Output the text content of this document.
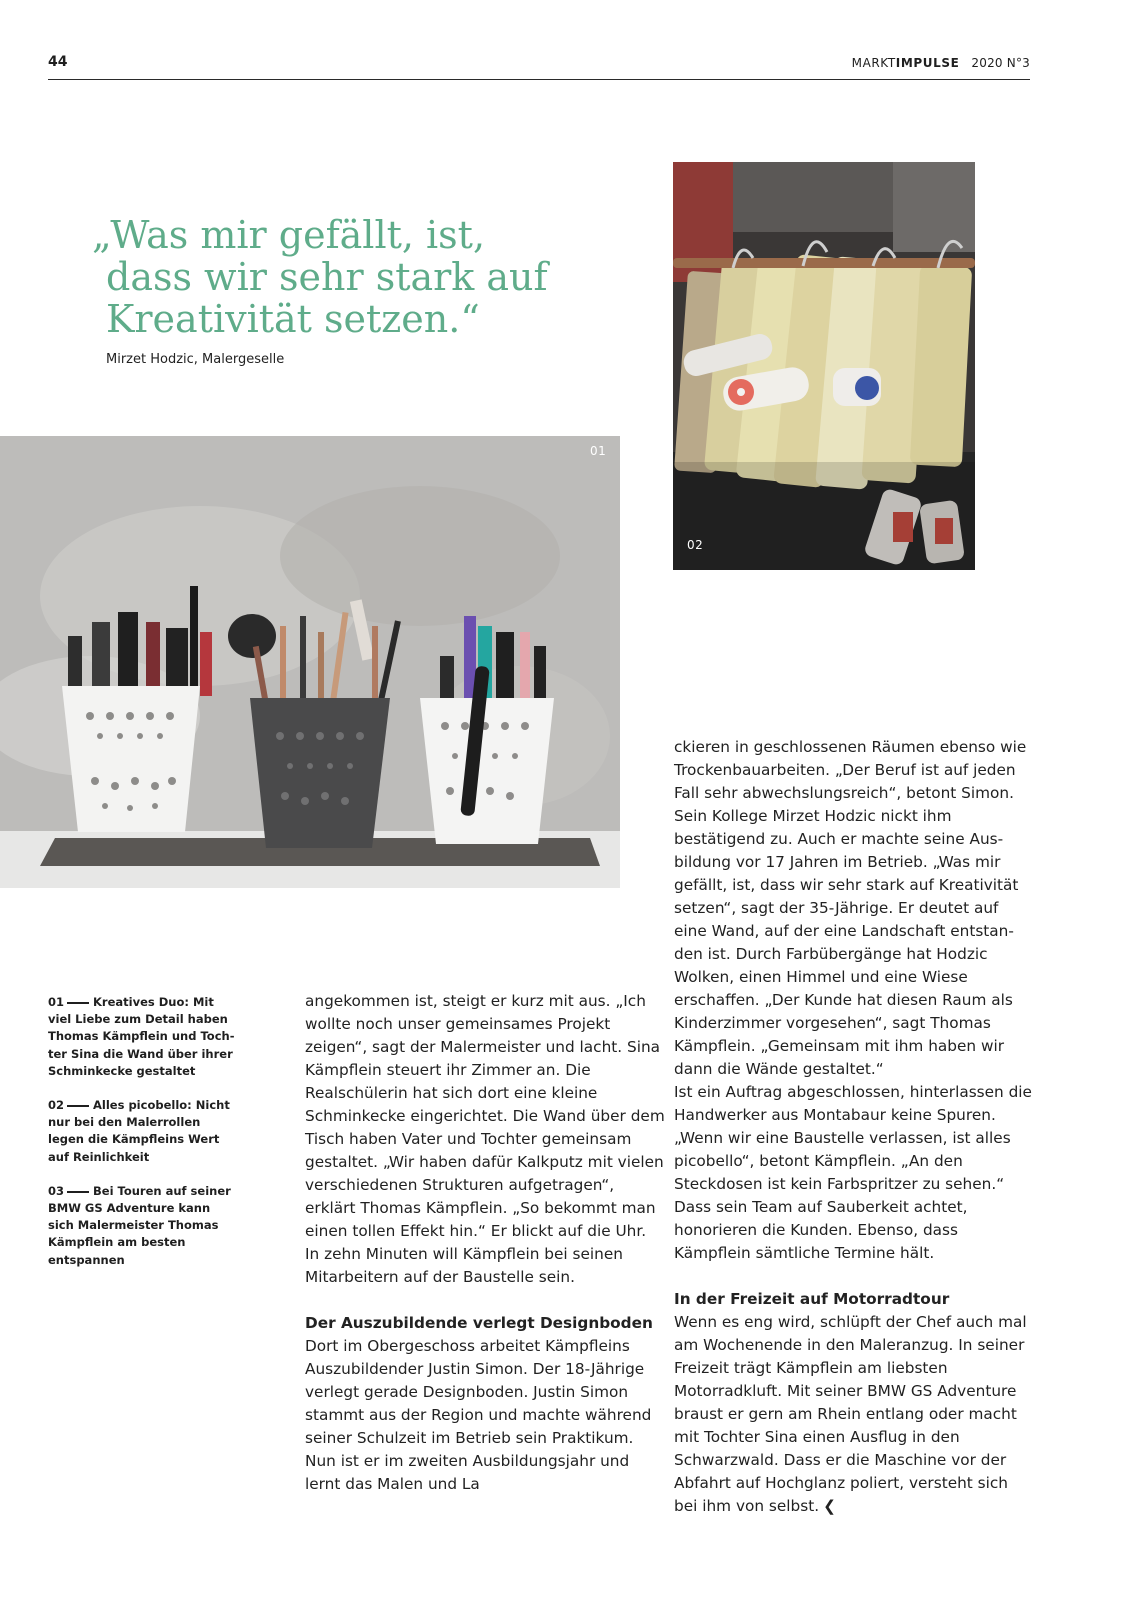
44	MARKTIMPULSE 2020 N°3
„Was mir gefällt, ist,
dass wir sehr stark auf
Kreativität setzen.“
Mirzet Hodzic, Malergeselle
02
01
01	Kreatives Duo: Mit viel Liebe zum Detail haben Thomas Kämpflein und Tochter Sina die Wand über ihrer Schminkecke gestaltet
02	Alles picobello: Nicht nur bei den Malerrollen legen die Kämpfleins Wert auf Reinlichkeit
03	Bei Touren auf seiner BMW GS Adventure kann sich Malermeister Thomas Kämpflein am besten entspannen

angekommen ist, steigt er kurz mit aus. „Ich wollte noch unser gemeinsames Projekt zeigen“, sagt der Malermeister und lacht. Sina Kämpflein steuert ihr Zimmer an. Die Realschülerin hat sich dort eine kleine Schminkecke eingerichtet. Die Wand über dem Tisch haben Vater und Tochter gemeinsam gestaltet. „Wir haben dafür Kalkputz mit vielen verschiedenen Strukturen aufgetragen“, erklärt Thomas Kämpflein. „So bekommt man einen tollen Effekt hin.“ Er blickt auf die Uhr. In zehn Minuten will Kämpflein bei seinen Mitarbeitern auf der Baustelle sein.

Der Auszubildende verlegt Designboden

Dort im Obergeschoss arbeitet Kämpfleins Auszubildender Justin Simon. Der 18-Jährige verlegt gerade Designboden. Justin Simon stammt aus der Region und machte während seiner Schulzeit im Betrieb sein Praktikum. Nun ist er im zweiten Ausbildungsjahr und lernt das Malen und La

ckieren in geschlossenen Räumen ebenso wie Trockenbauarbeiten. „Der Beruf ist auf jeden Fall sehr abwechslungsreich“, betont Simon. Sein Kollege Mirzet Hodzic nickt ihm bestätigend zu. Auch er machte seine Ausbildung vor 17 Jahren im Betrieb. „Was mir gefällt, ist, dass wir sehr stark auf Kreativität setzen“, sagt der 35-Jährige. Er deutet auf eine Wand, auf der eine Landschaft entstanden ist. Durch Farbübergänge hat Hodzic Wolken, einen Himmel und eine Wiese erschaffen. „Der Kunde hat diesen Raum als Kinderzimmer vorgesehen“, sagt Thomas Kämpflein. „Gemeinsam mit ihm haben wir dann die Wände gestaltet.“

Ist ein Auftrag abgeschlossen, hinterlassen die Handwerker aus Montabaur keine Spuren. „Wenn wir eine Baustelle verlassen, ist alles picobello“, betont Kämpflein. „An den Steckdosen ist kein Farbspritzer zu sehen.“ Dass sein Team auf Sauberkeit achtet, honorieren die Kunden. Ebenso, dass Kämpflein sämtliche Termine hält.

In der Freizeit auf Motorradtour

Wenn es eng wird, schlüpft der Chef auch mal am Wochenende in den Maleranzug. In seiner Freizeit trägt Kämpflein am liebsten Motorradkluft. Mit seiner BMW GS Adventure braust er gern am Rhein entlang oder macht mit Tochter Sina einen Ausflug in den Schwarzwald. Dass er die Maschine vor der Abfahrt auf Hochglanz poliert, versteht sich bei ihm von selbst. ❮
